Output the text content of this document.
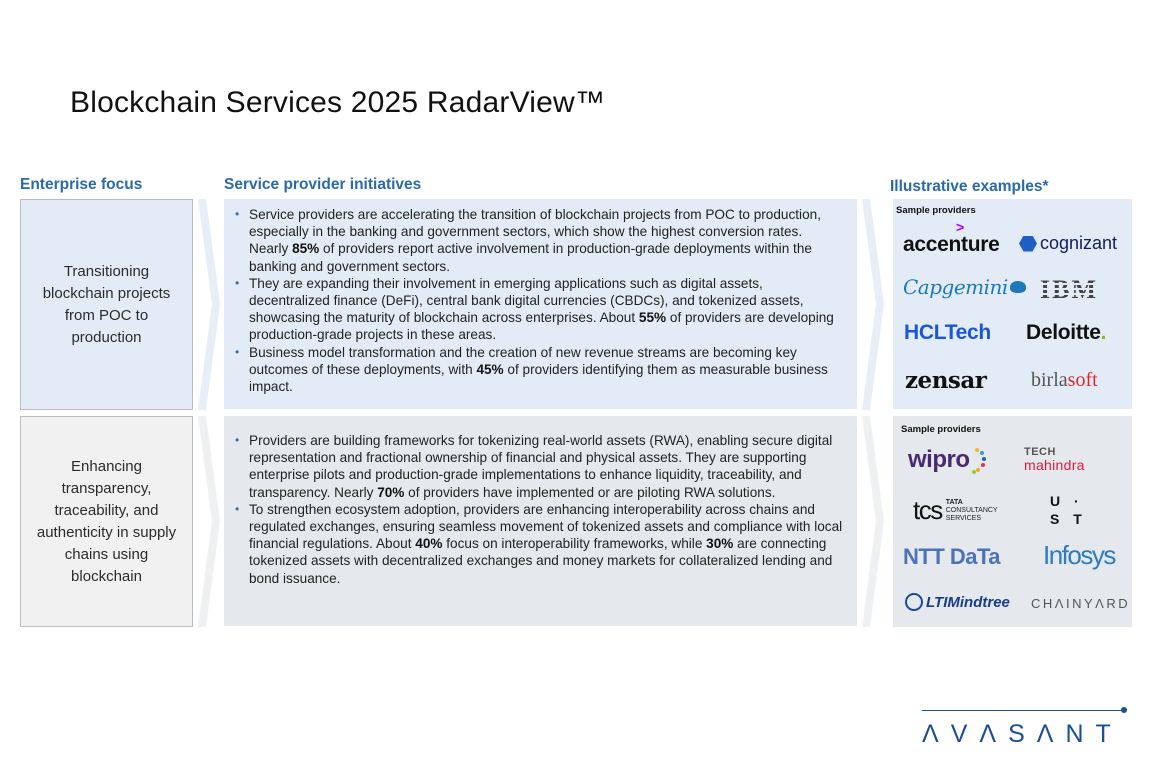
Blockchain Services 2025 RadarView™
Enterprise focus	Service provider initiatives	Illustrative examples*
Transitioning blockchain projects from POC to production
• Service providers are accelerating the transition of blockchain projects from POC to production, especially in the banking and government sectors, which show the highest conversion rates. Nearly 85% of providers report active involvement in production-grade deployments within the banking and government sectors.
• They are expanding their involvement in emerging applications such as digital assets, decentralized finance (DeFi), central bank digital currencies (CBDCs), and tokenized assets, showcasing the maturity of blockchain across enterprises. About 55% of providers are developing production-grade projects in these areas.
• Business model transformation and the creation of new revenue streams are becoming key outcomes of these deployments, with 45% of providers identifying them as measurable business impact.
Sample providers
>
accenture cognizant
Capgemini IBM
HCLTech Deloitte.
zensar birlasoft
Enhancing transparency, traceability, and authenticity in supply chains using blockchain
• Providers are building frameworks for tokenizing real-world assets (RWA), enabling secure digital representation and fractional ownership of financial and physical assets. They are supporting enterprise pilots and production-grade implementations to enhance liquidity, traceability, and transparency. Nearly 70% of providers have implemented or are piloting RWA solutions.
• To strengthen ecosystem adoption, providers are enhancing interoperability across chains and regulated exchanges, ensuring seamless movement of tokenized assets and compliance with local financial regulations. About 40% focus on interoperability frameworks, while 30% are connecting tokenized assets with decentralized exchanges and money markets for collateralized lending and bond issuance.
Sample providers
wipro	TECH
mahindra
tcs TATA
CONSULTANCY
SERVICES
U ·
S T
NTT DaTa Infosys
LTIMindtree CHΛINYΛRD
ΛVΛSΛNT
